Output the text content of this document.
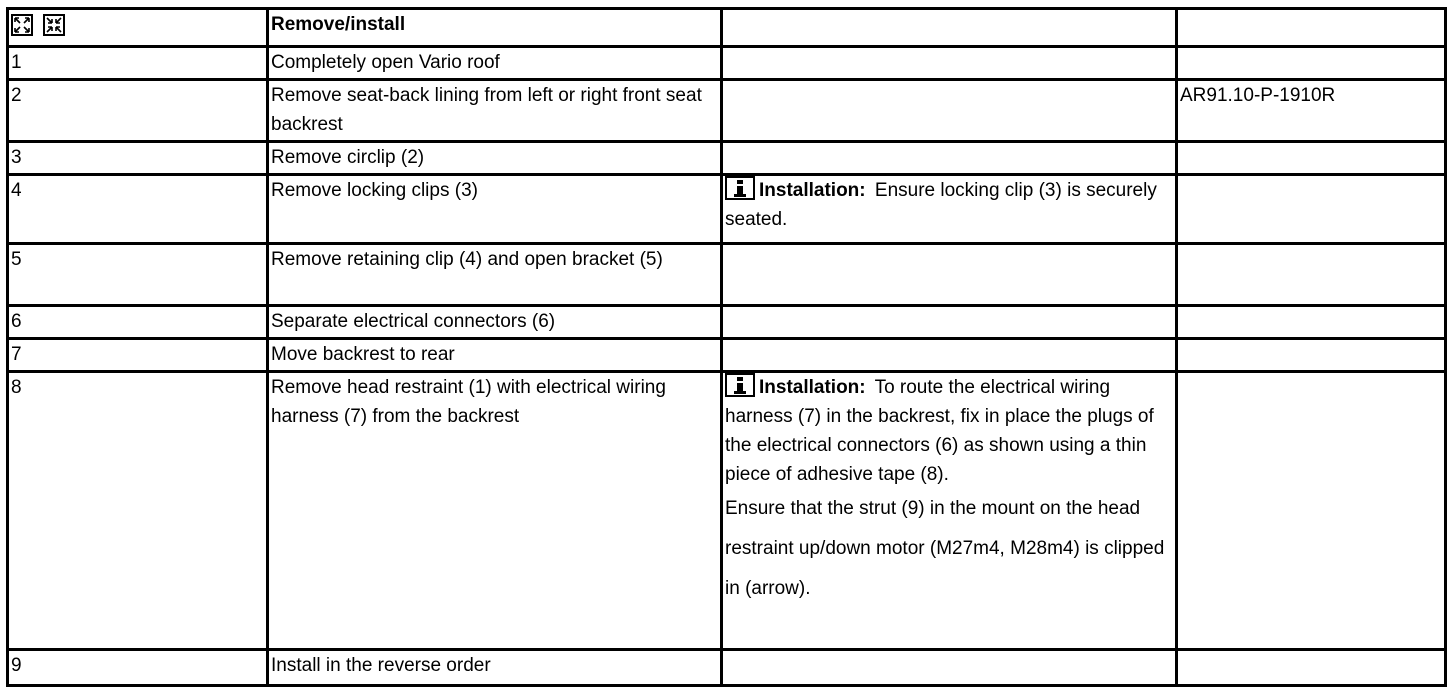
	Remove/install		
1	Completely open Vario roof		
2	Remove seat-back lining from left or right front seat backrest		AR91.10-P-1910R
3	Remove circlip (2)		
4	Remove locking clips (3)	Installation: Ensure locking clip (3) is securely seated.	
5	Remove retaining clip (4) and open bracket (5)		
6	Separate electrical connectors (6)		
7	Move backrest to rear		
8	Remove head restraint (1) with electrical wiring harness (7) from the backrest	Installation: To route the electrical wiring harness (7) in the backrest, fix in place the plugs of the electrical connectors (6) as shown using a thin piece of adhesive tape (8).
Ensure that the strut (9) in the mount on the head restraint up/down motor (M27m4, M28m4) is clipped in (arrow).	

9	Install in the reverse order		
